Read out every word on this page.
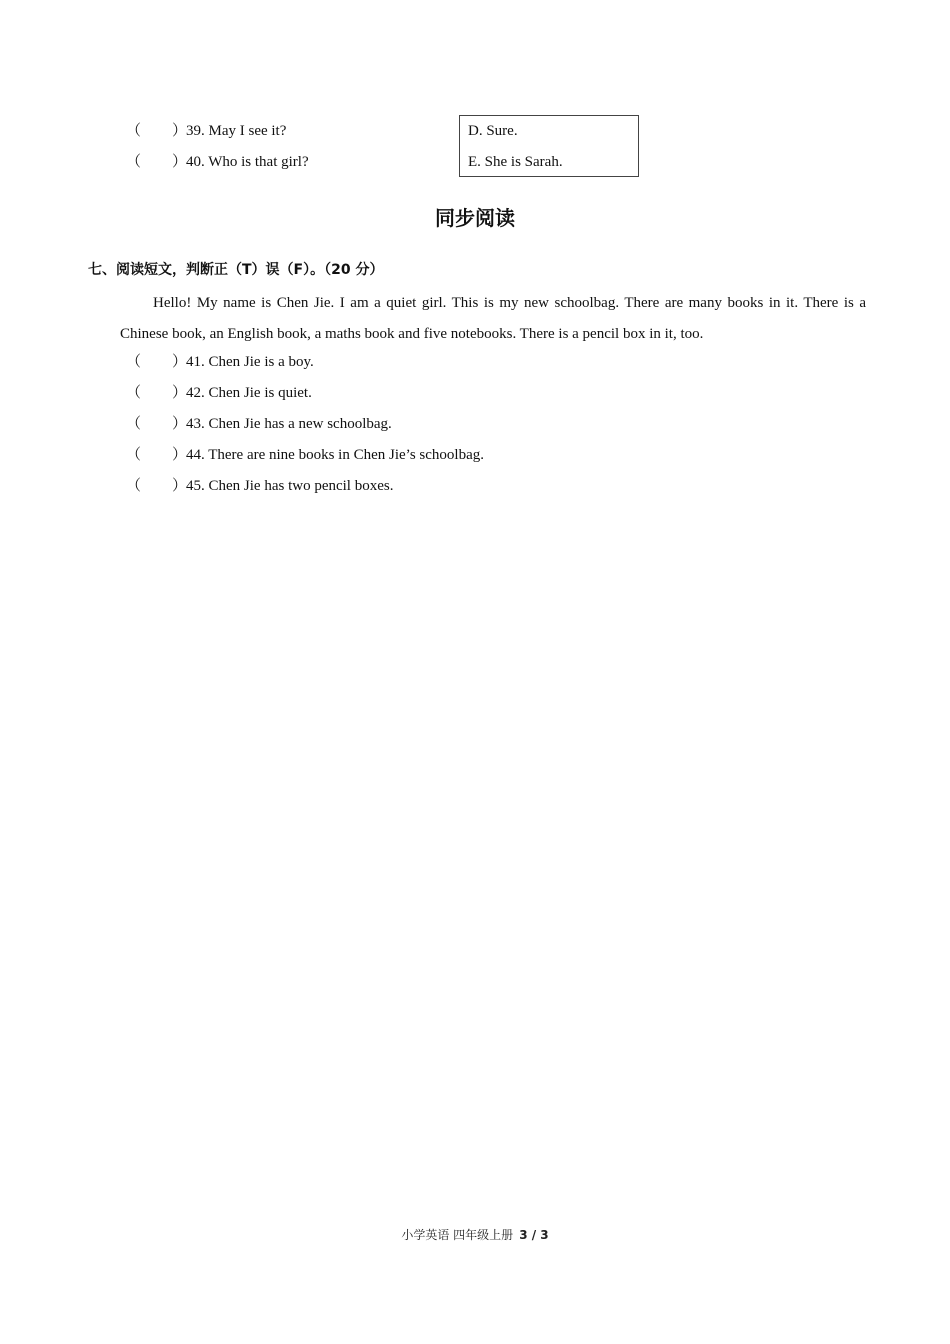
（ ）39. May I see it?
（ ）40. Who is that girl?
D. Sure.
E. She is Sarah.
同步阅读
七、阅读短文，判断正（T）误（F）。（20 分）
Hello! My name is Chen Jie. I am a quiet girl. This is my new schoolbag. There are many books in it. There is a Chinese book, an English book, a maths book and five notebooks. There is a pencil box in it, too.
（ ）41. Chen Jie is a boy.
（ ）42. Chen Jie is quiet.
（ ）43. Chen Jie has a new schoolbag.
（ ）44. There are nine books in Chen Jie’s schoolbag.
（ ）45. Chen Jie has two pencil boxes.
小学英语 四年级上册 3 / 3
